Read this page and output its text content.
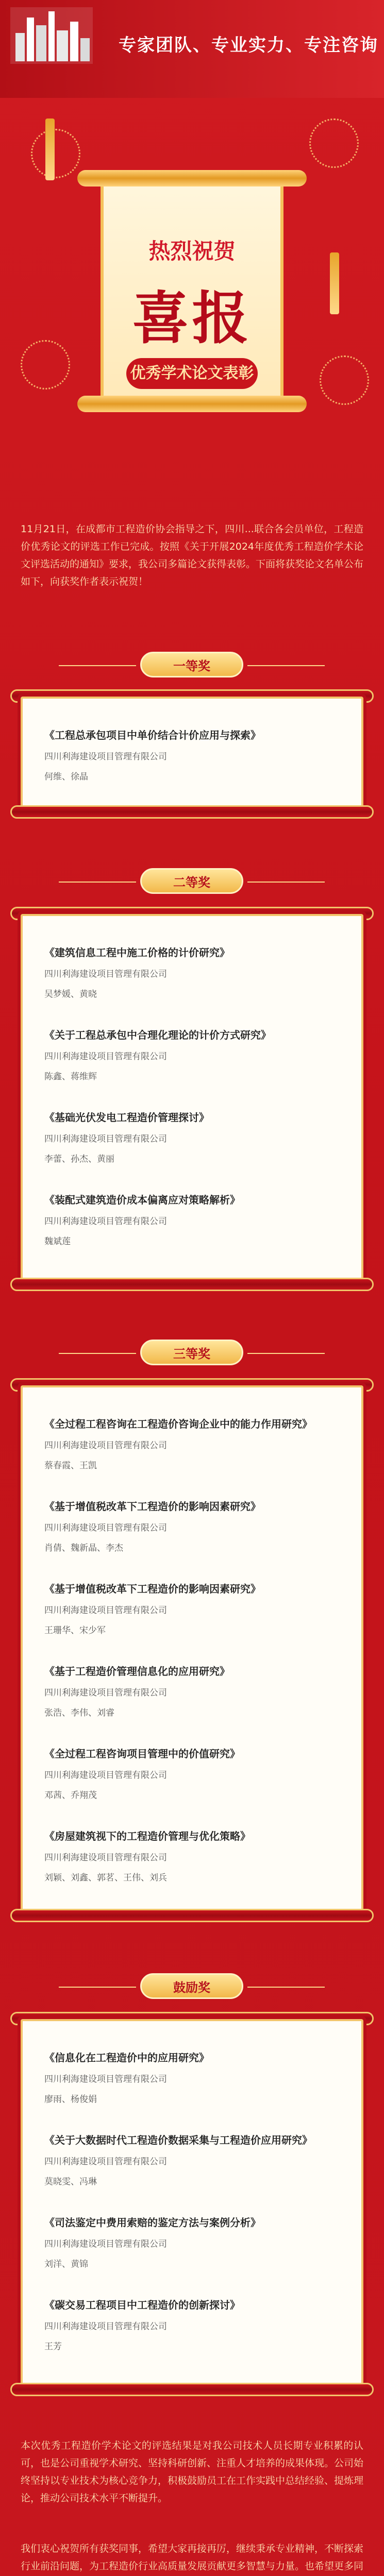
专家团队、专业实力、专注咨询
热烈祝贺
喜报
优秀学术论文表彰
11月21日，在成都市工程造价协会指导之下，四川...联合各会员单位，工程造价优秀论文的评选工作已完成。按照《关于开展2024年度优秀工程造价学术论文评选活动的通知》要求，我公司多篇论文获得表彰。下面将获奖论文名单公布如下，向获奖作者表示祝贺！
一等奖
《工程总承包项目中单价结合计价应用与探索》
四川利海建设项目管理有限公司
何维、徐晶
二等奖
《建筑信息工程中施工价格的计价研究》
四川利海建设项目管理有限公司
吴梦媛、黄晓
《关于工程总承包中合理化理论的计价方式研究》
四川利海建设项目管理有限公司
陈鑫、蒋维辉
《基础光伏发电工程造价管理探讨》
四川利海建设项目管理有限公司
李蕾、孙杰、黄丽
《装配式建筑造价成本偏离应对策略解析》
四川利海建设项目管理有限公司
魏斌莲
三等奖
《全过程工程咨询在工程造价咨询企业中的能力作用研究》
四川利海建设项目管理有限公司
蔡春霞、王凯
《基于增值税改革下工程造价的影响因素研究》
四川利海建设项目管理有限公司
肖倩、魏新晶、李杰
《基于增值税改革下工程造价的影响因素研究》
四川利海建设项目管理有限公司
王珊华、宋少军
《基于工程造价管理信息化的应用研究》
四川利海建设项目管理有限公司
张浩、李伟、刘睿
《全过程工程咨询项目管理中的价值研究》
四川利海建设项目管理有限公司
邓茜、乔翔茂
《房屋建筑视下的工程造价管理与优化策略》
四川利海建设项目管理有限公司
刘颖、刘鑫、郭茗、王伟、刘兵
鼓励奖
《信息化在工程造价中的应用研究》
四川利海建设项目管理有限公司
廖雨、杨俊娟
《关于大数据时代工程造价数据采集与工程造价应用研究》
四川利海建设项目管理有限公司
莫晓雯、冯琳
《司法鉴定中费用索赔的鉴定方法与案例分析》
四川利海建设项目管理有限公司
刘洋、黄锦
《碳交易工程项目中工程造价的创新探讨》
四川利海建设项目管理有限公司
王芳
本次优秀工程造价学术论文的评选结果是对我公司技术人员长期专业积累的认可，也是公司重视学术研究、坚持科研创新、注重人才培养的成果体现。公司始终坚持以专业技术为核心竞争力，积极鼓励员工在工作实践中总结经验、提炼理论，推动公司技术水平不断提升。
我们衷心祝贺所有获奖同事，希望大家再接再厉，继续秉承专业精神，不断探索行业前沿问题，为工程造价行业高质量发展贡献更多智慧与力量。也希望更多同
